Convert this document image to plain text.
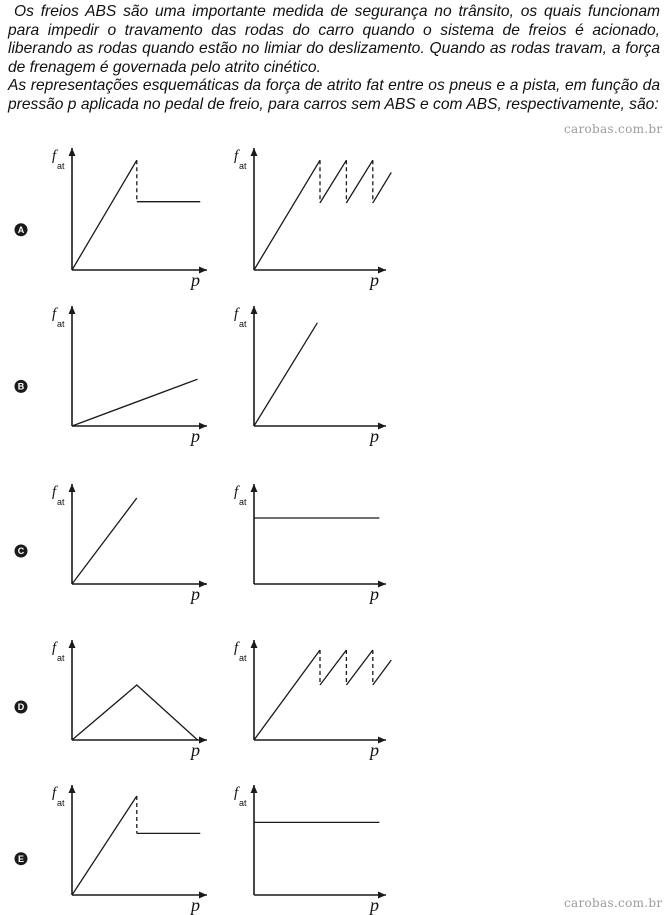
Os freios ABS são uma importante medida de segurança no trânsito, os quais funcionam para impedir o travamento das rodas do carro quando o sistema de freios é acionado, liberando as rodas quando estão no limiar do deslizamento. Quando as rodas travam, a força de frenagem é governada pelo atrito cinético.

As representações esquemáticas da força de atrito fat entre os pneus e a pista, em função da pressão p aplicada no pedal de freio, para carros sem ABS e com ABS, respectivamente, são:

carobas.com.br
carobas.com.br
A
f
at
p
f
at
p
B
f
at
p
f
at
p
C
f
at
p
f
at
p
D
f
at
p
f
at
p
E
f
at
p
f
at
p
